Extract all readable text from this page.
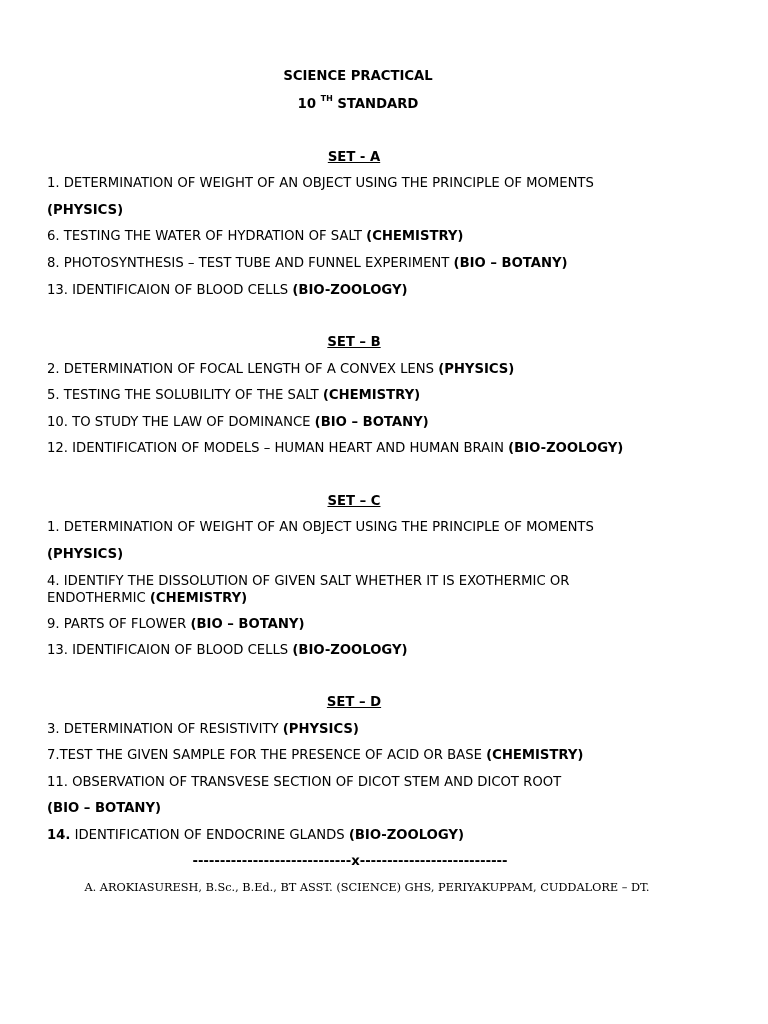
SCIENCE PRACTICAL
10 $^{TH}$ STANDARD
SET - A
1. DETERMINATION OF WEIGHT OF AN OBJECT USING THE PRINCIPLE OF MOMENTS
(PHYSICS)
6. TESTING THE WATER OF HYDRATION OF SALT (CHEMISTRY)
8. PHOTOSYNTHESIS – TEST TUBE AND FUNNEL EXPERIMENT (BIO – BOTANY)
13. IDENTIFICAION OF BLOOD CELLS (BIO-ZOOLOGY)
SET – B
2. DETERMINATION OF FOCAL LENGTH OF A CONVEX LENS (PHYSICS)
5. TESTING THE SOLUBILITY OF THE SALT (CHEMISTRY)
10. TO STUDY THE LAW OF DOMINANCE (BIO – BOTANY)
12. IDENTIFICATION OF MODELS – HUMAN HEART AND HUMAN BRAIN (BIO-ZOOLOGY)
SET – C
1. DETERMINATION OF WEIGHT OF AN OBJECT USING THE PRINCIPLE OF MOMENTS
(PHYSICS)
4. IDENTIFY THE DISSOLUTION OF GIVEN SALT WHETHER IT IS EXOTHERMIC OR ENDOTHERMIC (CHEMISTRY)
9. PARTS OF FLOWER (BIO – BOTANY)
13. IDENTIFICAION OF BLOOD CELLS (BIO-ZOOLOGY)
SET – D
3. DETERMINATION OF RESISTIVITY (PHYSICS)
7.TEST THE GIVEN SAMPLE FOR THE PRESENCE OF ACID OR BASE (CHEMISTRY)
11. OBSERVATION OF TRANSVESE SECTION OF DICOT STEM AND DICOT ROOT
(BIO – BOTANY)
14. IDENTIFICATION OF ENDOCRINE GLANDS (BIO-ZOOLOGY)
-----------------------------x---------------------------
A. AROKIASURESH, B.Sc., B.Ed., BT ASST. (SCIENCE) GHS, PERIYAKUPPAM, CUDDALORE – DT.
